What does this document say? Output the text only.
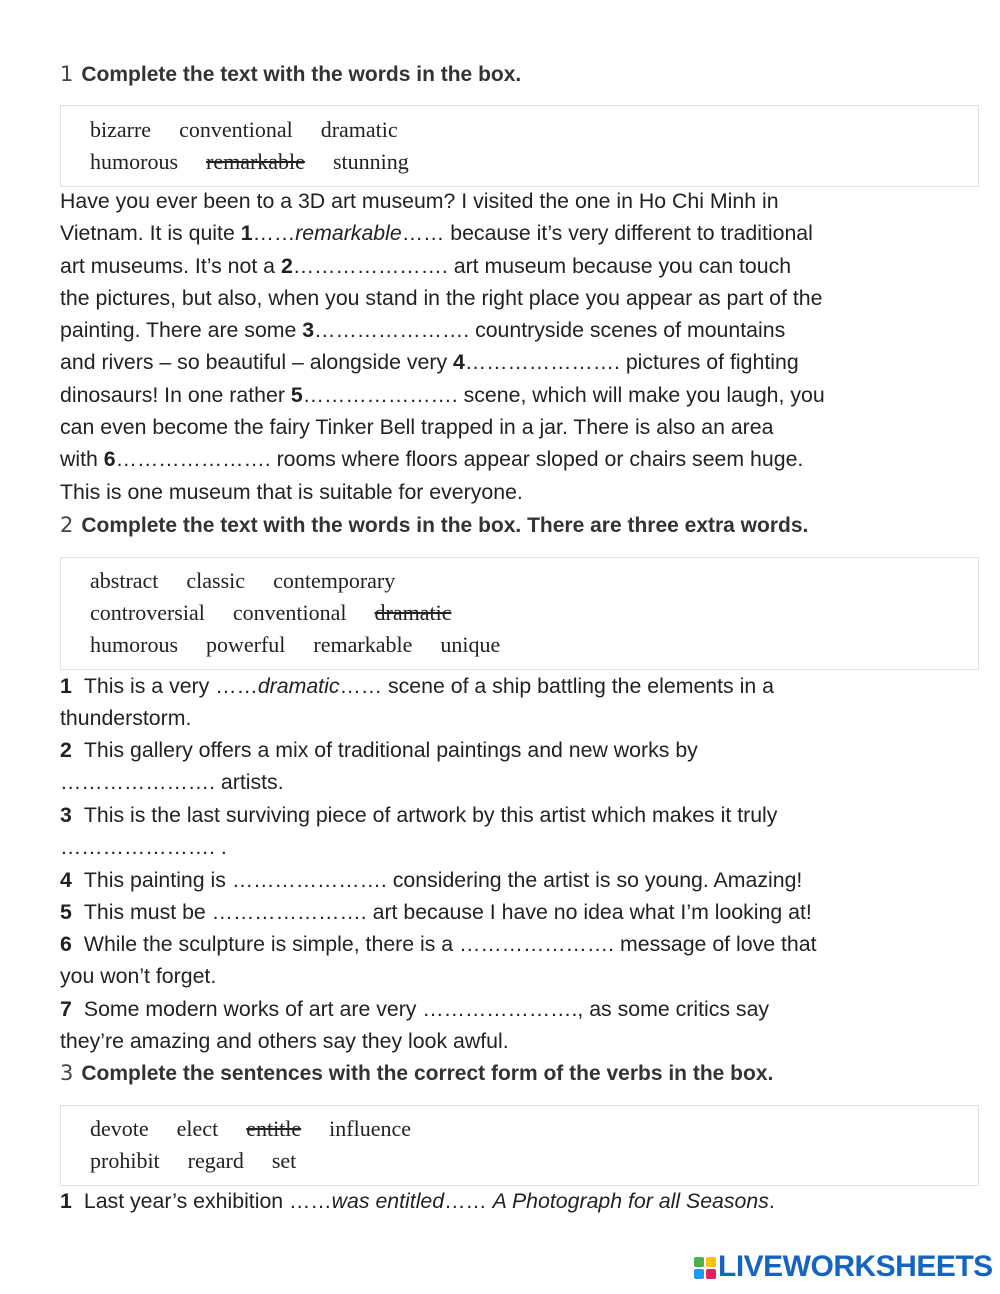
1 Complete the text with the words in the box.
bizarre conventional dramatic
humorous remarkable stunning
Have you ever been to a 3D art museum? I visited the one in Ho Chi Minh in
Vietnam. It is quite 1……remarkable…… because it’s very different to traditional
art museums. It’s not a 2…………………. art museum because you can touch
the pictures, but also, when you stand in the right place you appear as part of the
painting. There are some 3…………………. countryside scenes of mountains
and rivers – so beautiful – alongside very 4…………………. pictures of fighting
dinosaurs! In one rather 5…………………. scene, which will make you laugh, you
can even become the fairy Tinker Bell trapped in a jar. There is also an area
with 6…………………. rooms where floors appear sloped or chairs seem huge.
This is one museum that is suitable for everyone.
2 Complete the text with the words in the box. There are three extra words.
abstract classic contemporary
controversial conventional dramatic
humorous powerful remarkable unique
1 This is a very ……dramatic…… scene of a ship battling the elements in a
thunderstorm.
2 This gallery offers a mix of traditional paintings and new works by
…………………. artists.
3 This is the last surviving piece of artwork by this artist which makes it truly
…………………. .
4 This painting is …………………. considering the artist is so young. Amazing!
5 This must be …………………. art because I have no idea what I’m looking at!
6 While the sculpture is simple, there is a …………………. message of love that
you won’t forget.
7 Some modern works of art are very …………………., as some critics say
they’re amazing and others say they look awful.
3 Complete the sentences with the correct form of the verbs in the box.
devote elect entitle influence
prohibit regard set
1 Last year’s exhibition ……was entitled…… A Photograph for all Seasons.
LIVEWORKSHEETS
